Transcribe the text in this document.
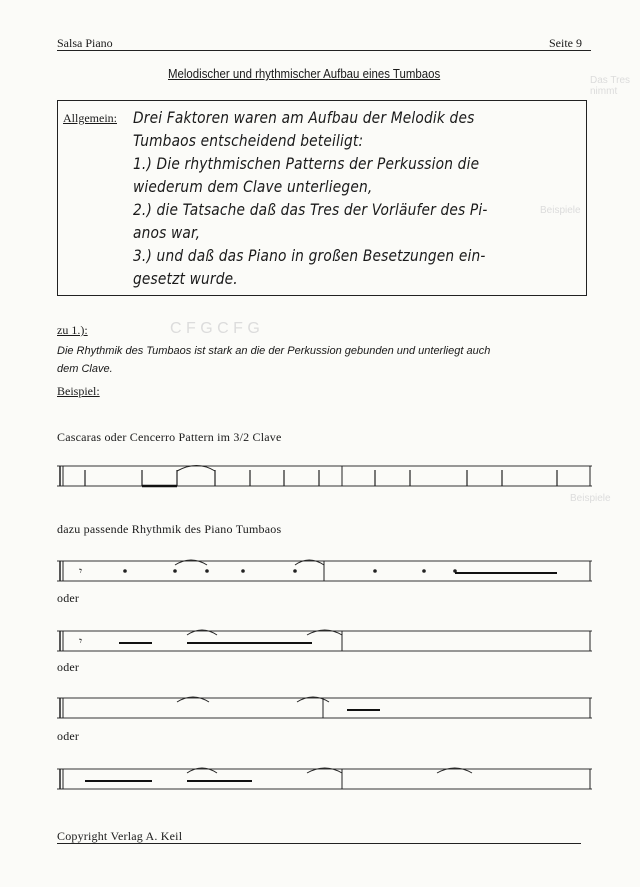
Salsa Piano	Seite 9
Melodischer und rhythmischer Aufbau eines Tumbaos
Allgemein: Drei Faktoren waren am Aufbau der Melodik des
Tumbaos entscheidend beteiligt:
1.) Die rhythmischen Patterns der Perkussion die
wiederum dem Clave unterliegen,
2.) die Tatsache daß das Tres der Vorläufer des Pi-
anos war,
3.) und daß das Piano in großen Besetzungen ein-
gesetzt wurde.
zu 1.):
Die Rhythmik des Tumbaos ist stark an die der Perkussion gebunden und unterliegt auch
dem Clave.
Beispiel:
Cascaras oder Cencerro Pattern im 3/2 Clave
dazu passende Rhythmik des Piano Tumbaos
𝄾
oder
𝄾
oder
oder
Copyright Verlag A. Keil
Das Tres nimmt
Beispiele
C F G C F G
Beispiele
